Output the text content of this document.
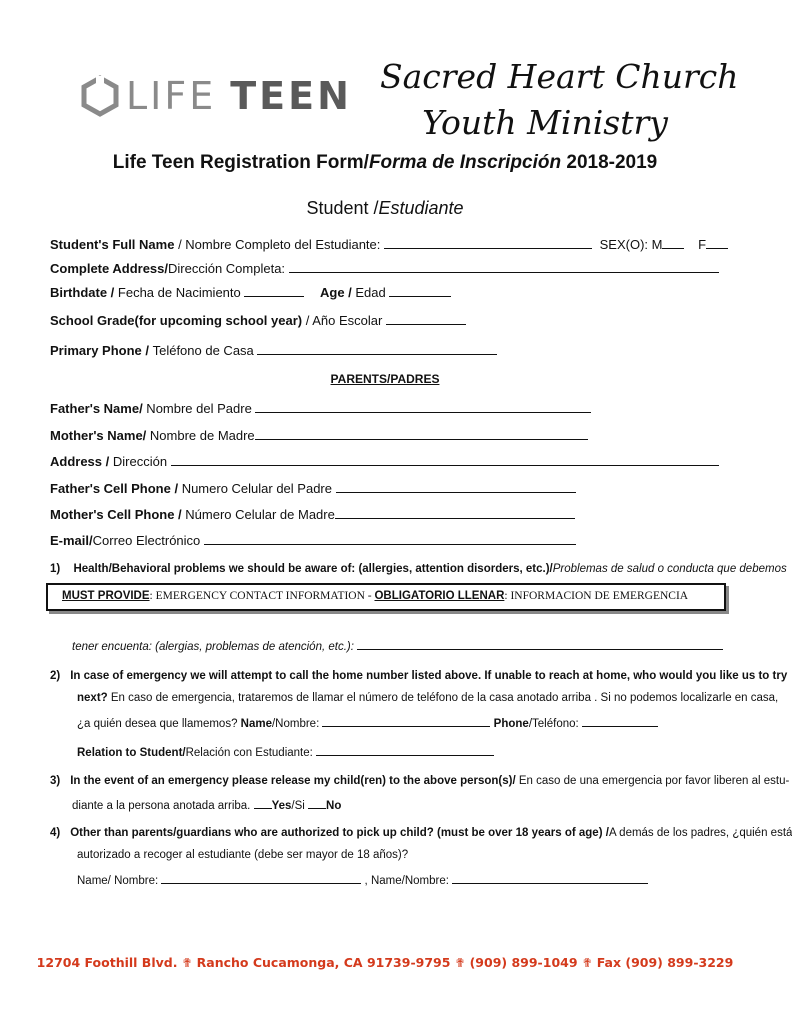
LIFE TEEN Sacred Heart Church
Youth Ministry
Life Teen Registration Form/Forma de Inscripción 2018-2019
Student /Estudiante
Student's Full Name / Nombre Completo del Estudiante:	SEX(O): M	F
Complete Address/Dirección Completa:
Birthdate / Fecha de Nacimiento	Age / Edad
School Grade(for upcoming school year) / Año Escolar
Primary Phone / Teléfono de Casa
PARENTS/PADRES
Father's Name/ Nombre del Padre
Mother's Name/ Nombre de Madre
Address / Dirección
Father's Cell Phone / Numero Celular del Padre
Mother's Cell Phone / Número Celular de Madre
E-mail/Correo Electrónico
1) Health/Behavioral problems we should be aware of: (allergies, attention disorders, etc.)/Problemas de salud o conducta que debemos
MUST PROVIDE: EMERGENCY CONTACT INFORMATION - OBLIGATORIO LLENAR: INFORMACION DE EMERGENCIA
tener encuenta: (alergias, problemas de atención, etc.):
2) In case of emergency we will attempt to call the home number listed above. If unable to reach at home, who would you like us to try
next? En caso de emergencia, trataremos de llamar el número de teléfono de la casa anotado arriba . Si no podemos localizarle en casa,
¿a quién desea que llamemos? Name/Nombre:	Phone/Teléfono:
Relation to Student/Relación con Estudiante:
3) In the event of an emergency please release my child(ren) to the above person(s)/ En caso de una emergencia por favor liberen al estu-
diante a la persona anotada arriba. Yes/Si No
4) Other than parents/guardians who are authorized to pick up child? (must be over 18 years of age) /A demás de los padres, ¿quién está
autorizado a recoger al estudiante (debe ser mayor de 18 años)?
Name/ Nombre:	, Name/Nombre:
12704 Foothill Blvd. ✟ Rancho Cucamonga, CA 91739-9795 ✟ (909) 899-1049 ✟ Fax (909) 899-3229
